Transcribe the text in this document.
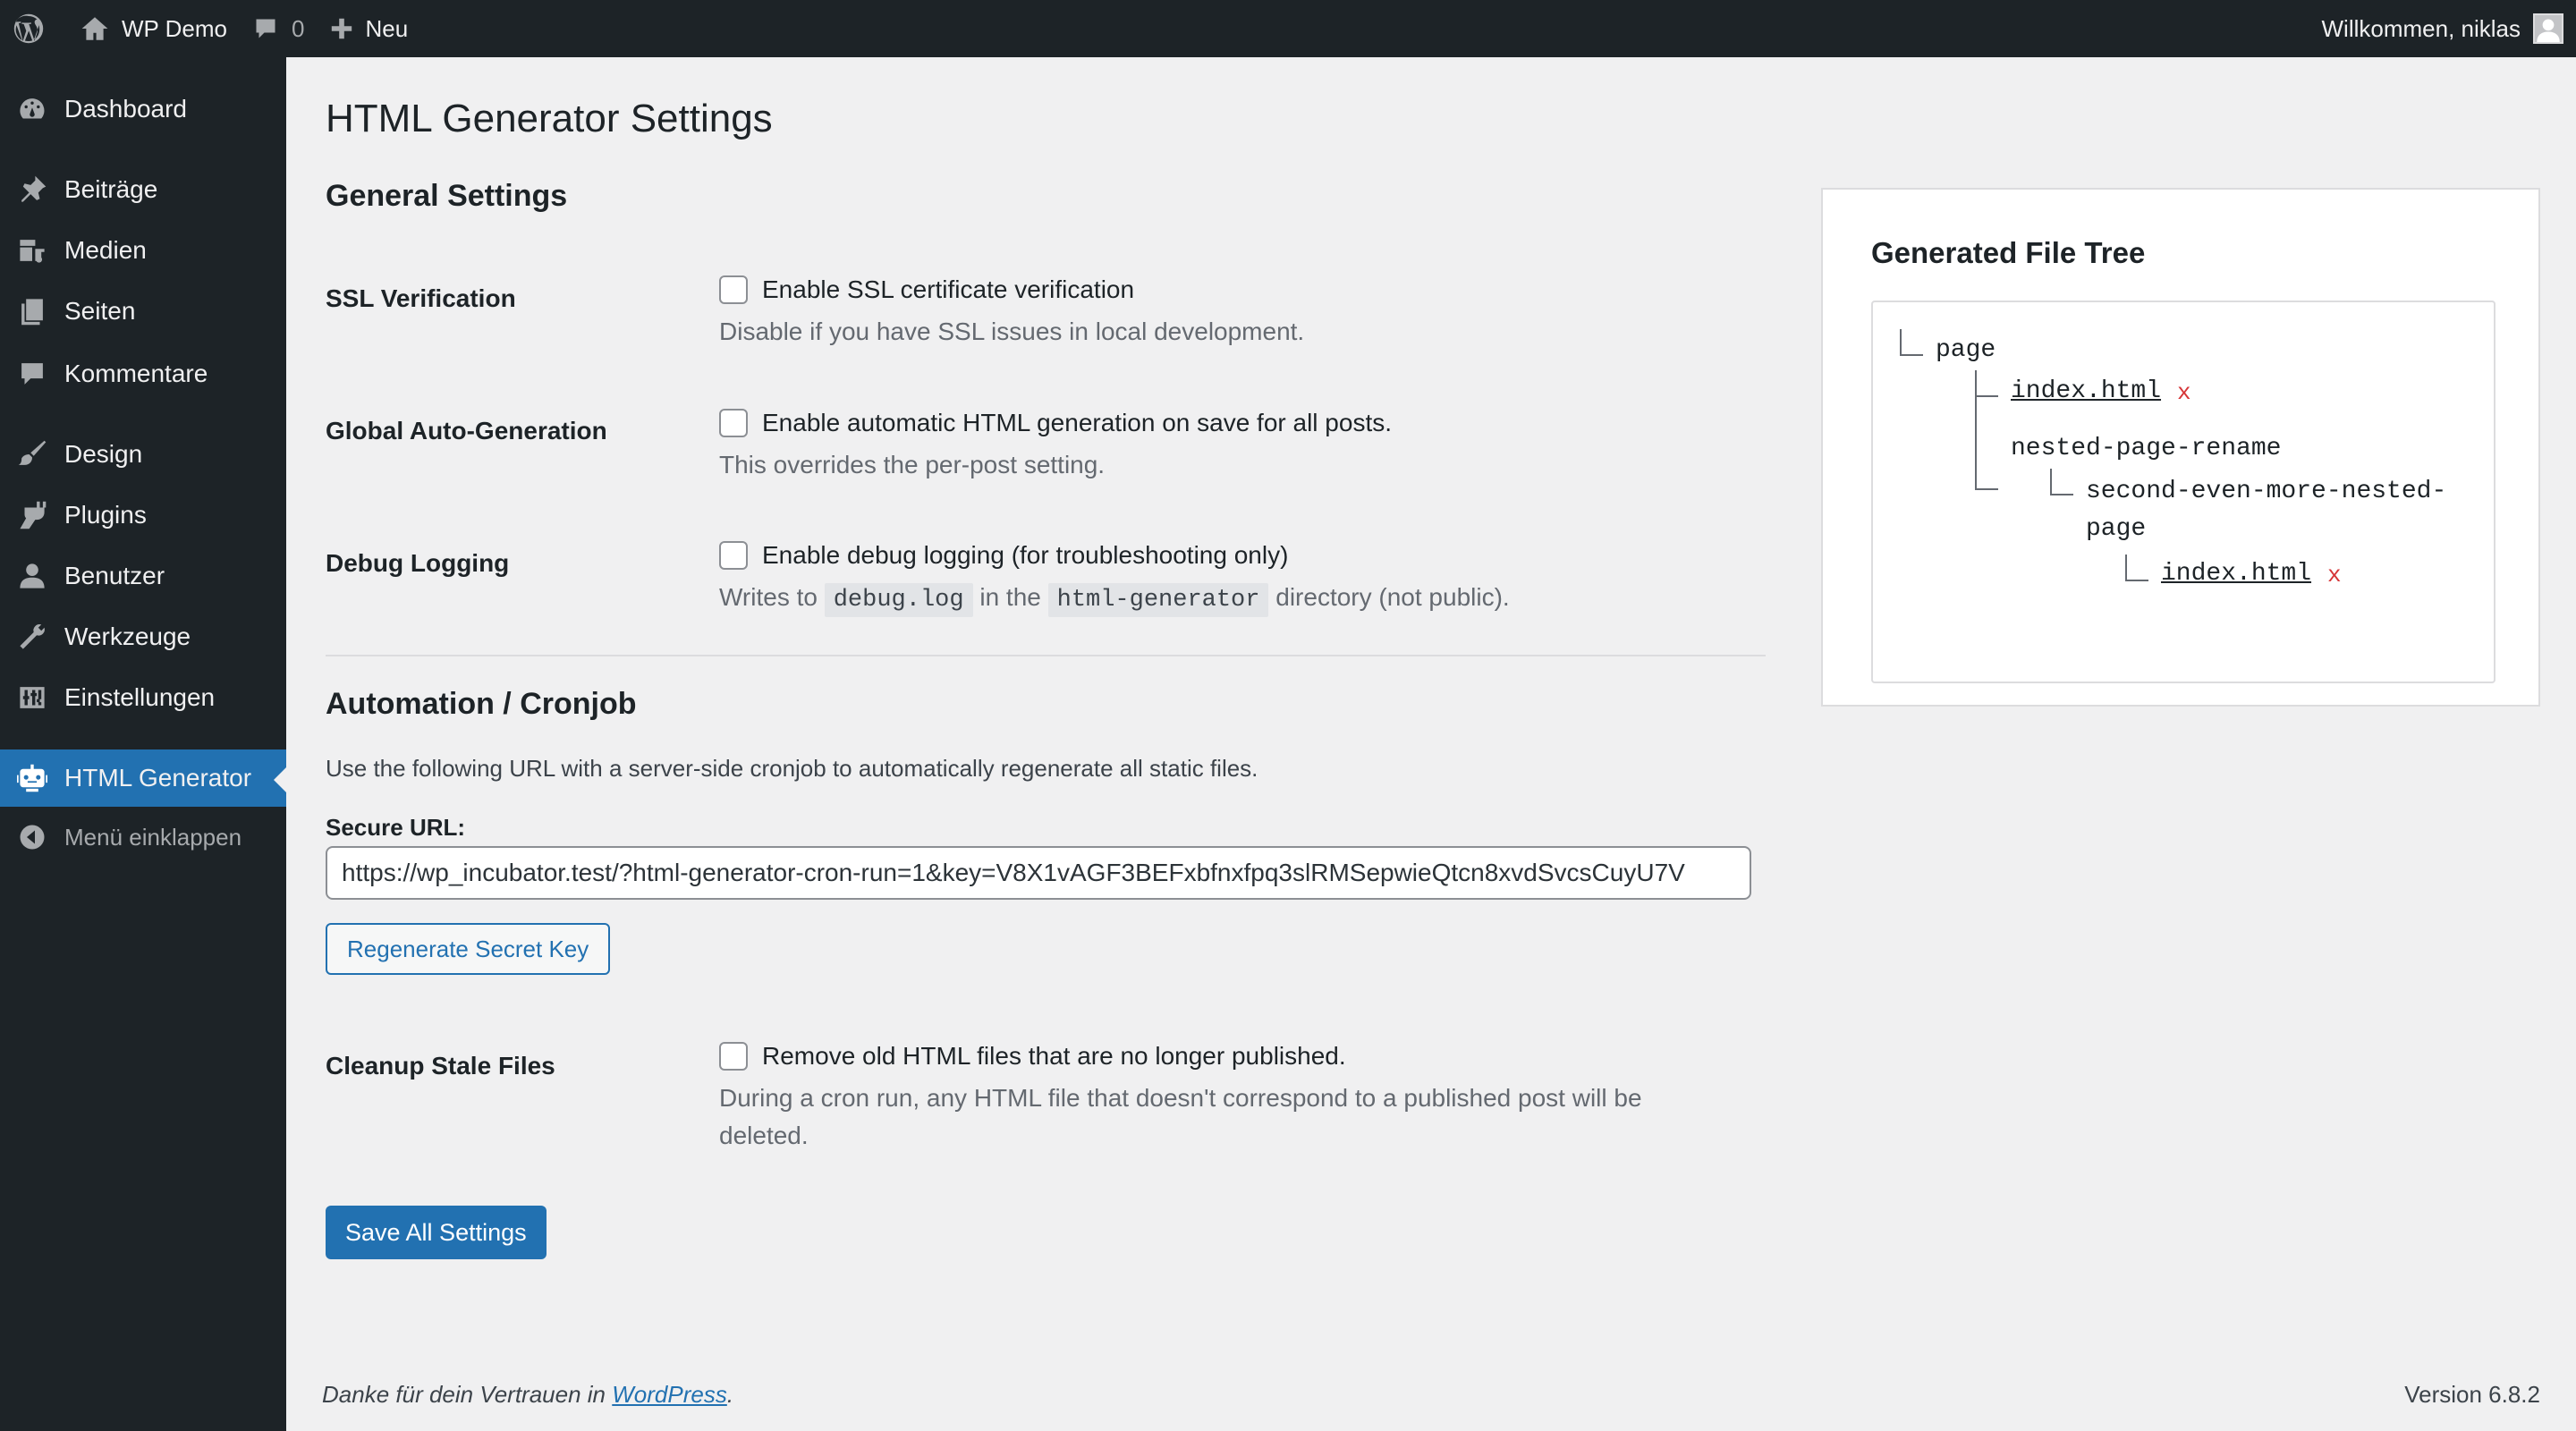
WP Demo	0	Neu	Willkommen, niklas
Dashboard
Beiträge
Medien
Seiten
Kommentare
Design
Plugins
Benutzer
Werkzeuge
Einstellungen
HTML Generator
Menü einklappen
HTML Generator Settings
General Settings
SSL Verification	Enable SSL certificate verification
Disable if you have SSL issues in local development.
Global Auto-Generation	Enable automatic HTML generation on save for all posts.
This overrides the per-post setting.
Debug Logging	Enable debug logging (for troubleshooting only)
Writes to debug.log in the html-generator directory (not public).
Automation / Cronjob
Use the following URL with a server-side cronjob to automatically regenerate all static files.
Secure URL:
https://wp_incubator.test/?html-generator-cron-run=1&key=V8X1vAGF3BEFxbfnxfpq3slRMSepwieQtcn8xvdSvcsCuyU7V
Regenerate Secret Key
Cleanup Stale Files	Remove old HTML files that are no longer published.
During a cron run, any HTML file that doesn't correspond to a published post will be
deleted.
Save All Settings
Generated File Tree
page
index.html x
nested-page-rename
second-even-more-nested-
page
index.html x
Danke für dein Vertrauen in WordPress.	Version 6.8.2
